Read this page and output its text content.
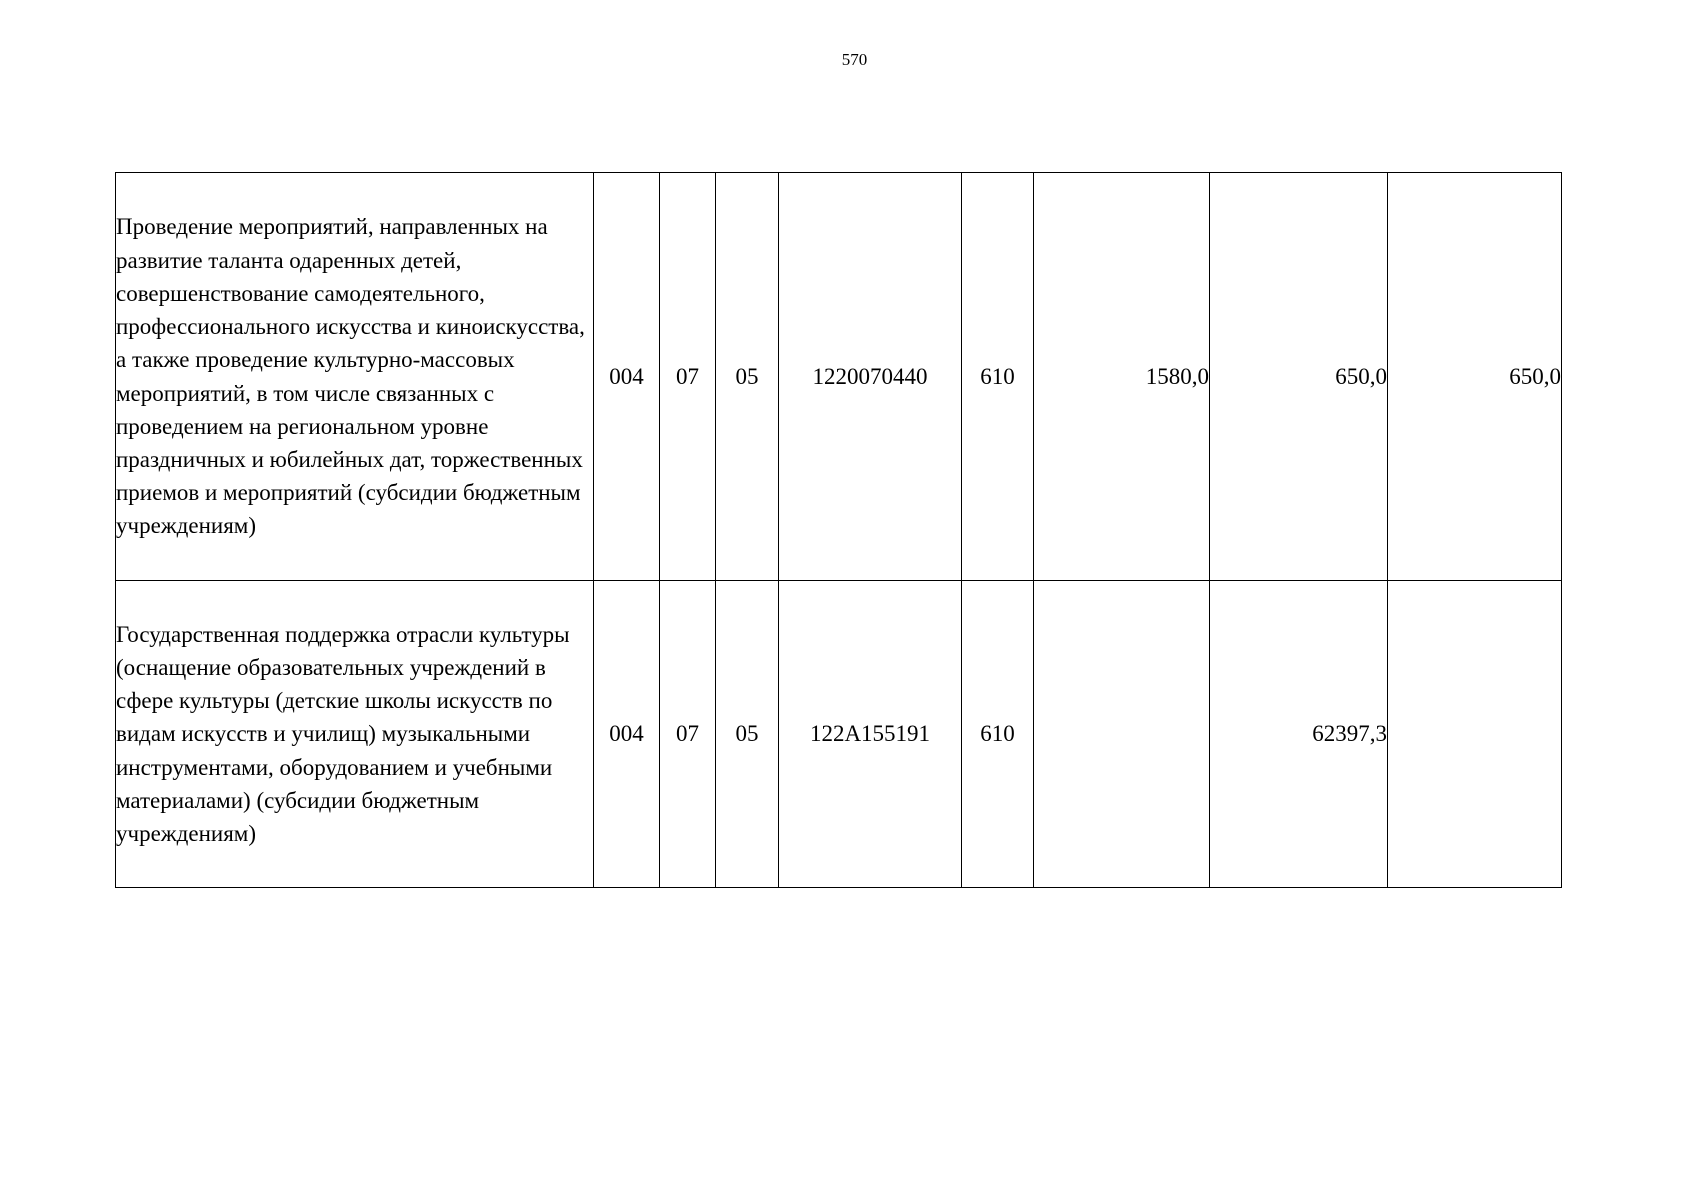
570
Проведение мероприятий, направленных на развитие таланта одаренных детей, совершенствование самодеятельного, профессионального искусства и киноискусства, а также проведение культурно-массовых мероприятий, в том числе связанных с проведением на региональном уровне праздничных и юбилейных дат, торжественных приемов и мероприятий (субсидии бюджетным учреждениям)	004	07	05	1220070440	610	1580,0	650,0	650,0
Государственная поддержка отрасли культуры (оснащение образовательных учреждений в сфере культуры (детские школы искусств по видам искусств и училищ) музыкальными инструментами, оборудованием и учебными материалами) (субсидии бюджетным учреждениям)	004	07	05	122A155191	610		62397,3	
